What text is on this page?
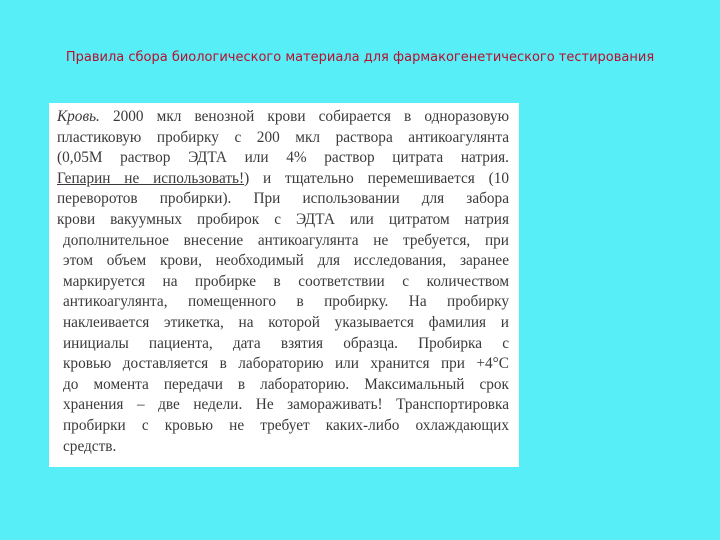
Правила сбора биологического материала для фармакогенетического тестирования
Кровь. 2000 мкл венозной крови собирается в одноразовую
пластиковую пробирку с 200 мкл раствора антикоагулянта
(0,05М раствор ЭДТА или 4% раствор цитрата натрия.
Гепарин не использовать!) и тщательно перемешивается (10
переворотов пробирки). При использовании для забора
крови вакуумных пробирок с ЭДТА или цитратом натрия
дополнительное внесение антикоагулянта не требуется, при
этом объем крови, необходимый для исследования, заранее
маркируется на пробирке в соответствии с количеством
антикоагулянта, помещенного в пробирку. На пробирку
наклеивается этикетка, на которой указывается фамилия и
инициалы пациента, дата взятия образца. Пробирка с
кровью доставляется в лабораторию или хранится при +4°С
до момента передачи в лабораторию. Максимальный срок
хранения – две недели. Не замораживать! Транспортировка
пробирки с кровью не требует каких-либо охлаждающих
средств.
